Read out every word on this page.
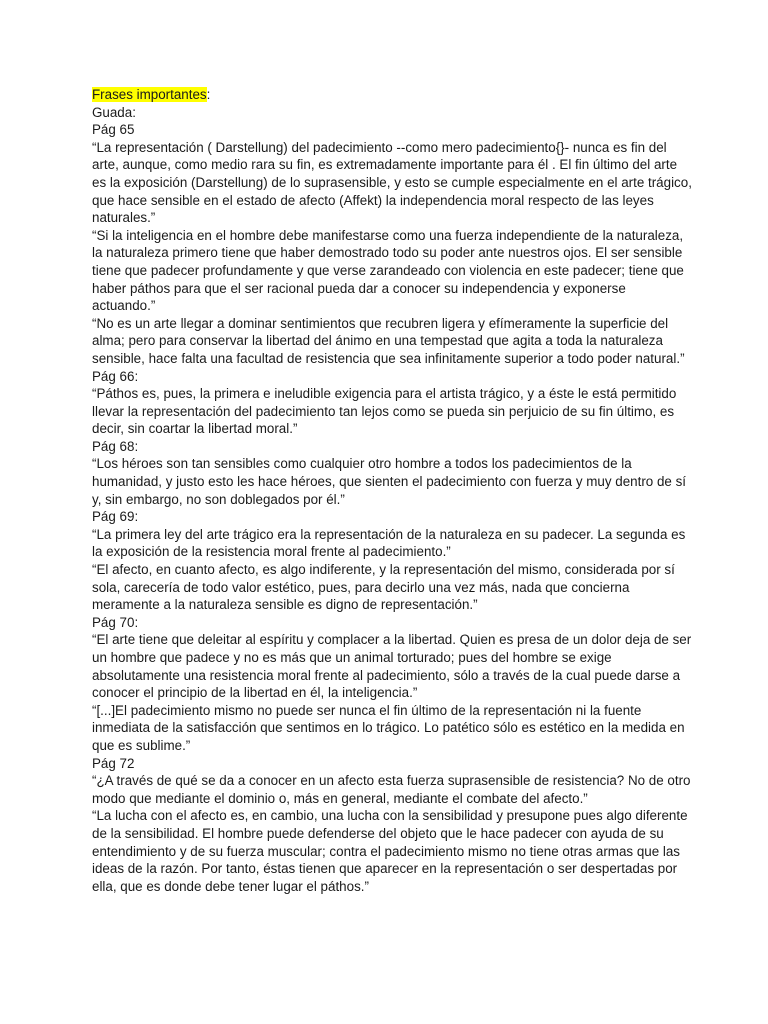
Frases importantes:
Guada:
Pág 65
“La representación ( Darstellung) del padecimiento --como mero padecimiento{}- nunca es fin del arte, aunque, como medio rara su fin, es extremadamente importante para él . El fin último del arte es la exposición (Darstellung) de lo suprasensible, y esto se cumple especialmente en el arte trágico, que hace sensible en el estado de afecto (Affekt) la independencia moral respecto de las leyes naturales.”
“Si la inteligencia en el hombre debe manifestarse como una fuerza independiente de la naturaleza, la naturaleza primero tiene que haber demostrado todo su poder ante nuestros ojos. El ser sensible tiene que padecer profundamente y que verse zarandeado con violencia en este padecer; tiene que haber páthos para que el ser racional pueda dar a conocer su independencia y exponerse actuando.”
“No es un arte llegar a dominar sentimientos que recubren ligera y efímeramente la superficie del alma; pero para conservar la libertad del ánimo en una tempestad que agita a toda la naturaleza sensible, hace falta una facultad de resistencia que sea infinitamente superior a todo poder natural.”
Pág 66:
“Páthos es, pues, la primera e ineludible exigencia para el artista trágico, y a éste le está permitido llevar la representación del padecimiento tan lejos como se pueda sin perjuicio de su fin último, es decir, sin coartar la libertad moral.”
Pág 68:
“Los héroes son tan sensibles como cualquier otro hombre a todos los padecimientos de la humanidad, y justo esto les hace héroes, que sienten el padecimiento con fuerza y muy dentro de sí y, sin embargo, no son doblegados por él.”
Pág 69:
“La primera ley del arte trágico era la representación de la naturaleza en su padecer. La segunda es la exposición de la resistencia moral frente al padecimiento.”
“El afecto, en cuanto afecto, es algo indiferente, y la representación del mismo, considerada por sí sola, carecería de todo valor estético, pues, para decirlo una vez más, nada que concierna meramente a la naturaleza sensible es digno de representación.”
Pág 70:
“El arte tiene que deleitar al espíritu y complacer a la libertad. Quien es presa de un dolor deja de ser un hombre que padece y no es más que un animal torturado; pues del hombre se exige absolutamente una resistencia moral frente al padecimiento, sólo a través de la cual puede darse a conocer el principio de la libertad en él, la inteligencia.”
“[...]El padecimiento mismo no puede ser nunca el fin último de la representación ni la fuente inmediata de la satisfacción que sentimos en lo trágico. Lo patético sólo es estético en la medida en que es sublime.”
Pág 72
“¿A través de qué se da a conocer en un afecto esta fuerza suprasensible de resistencia? No de otro modo que mediante el dominio o, más en general, mediante el combate del afecto.”
“La lucha con el afecto es, en cambio, una lucha con la sensibilidad y presupone pues algo diferente de la sensibilidad. El hombre puede defenderse del objeto que le hace padecer con ayuda de su entendimiento y de su fuerza muscular; contra el padecimiento mismo no tiene otras armas que las ideas de la razón. Por tanto, éstas tienen que aparecer en la representación o ser despertadas por ella, que es donde debe tener lugar el páthos.”
